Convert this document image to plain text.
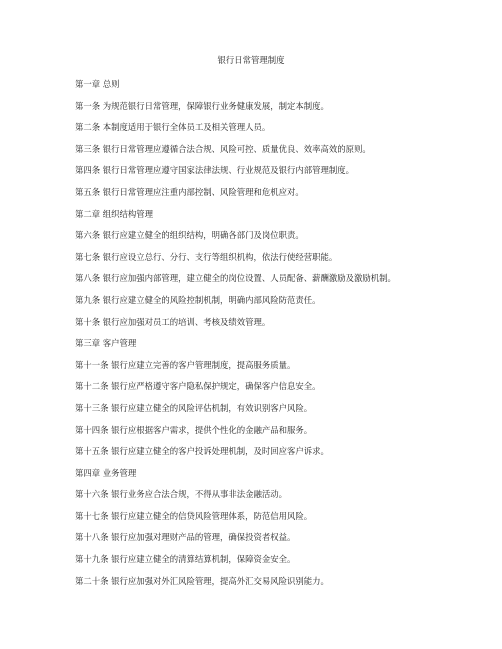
银行日常管理制度
第一章 总则
第一条 为规范银行日常管理，保障银行业务健康发展，制定本制度。
第二条 本制度适用于银行全体员工及相关管理人员。
第三条 银行日常管理应遵循合法合规、风险可控、质量优良、效率高效的原则。
第四条 银行日常管理应遵守国家法律法规、行业规范及银行内部管理制度。
第五条 银行日常管理应注重内部控制、风险管理和危机应对。
第二章 组织结构管理
第六条 银行应建立健全的组织结构，明确各部门及岗位职责。
第七条 银行应设立总行、分行、支行等组织机构，依法行使经营职能。
第八条 银行应加强内部管理，建立健全的岗位设置、人员配备、薪酬激励及激励机制。
第九条 银行应建立健全的风险控制机制，明确内部风险防范责任。
第十条 银行应加强对员工的培训、考核及绩效管理。
第三章 客户管理
第十一条 银行应建立完善的客户管理制度，提高服务质量。
第十二条 银行应严格遵守客户隐私保护规定，确保客户信息安全。
第十三条 银行应建立健全的风险评估机制，有效识别客户风险。
第十四条 银行应根据客户需求，提供个性化的金融产品和服务。
第十五条 银行应建立健全的客户投诉处理机制，及时回应客户诉求。
第四章 业务管理
第十六条 银行业务应合法合规，不得从事非法金融活动。
第十七条 银行应建立健全的信贷风险管理体系，防范信用风险。
第十八条 银行应加强对理财产品的管理，确保投资者权益。
第十九条 银行应建立健全的清算结算机制，保障资金安全。
第二十条 银行应加强对外汇风险管理，提高外汇交易风险识别能力。
